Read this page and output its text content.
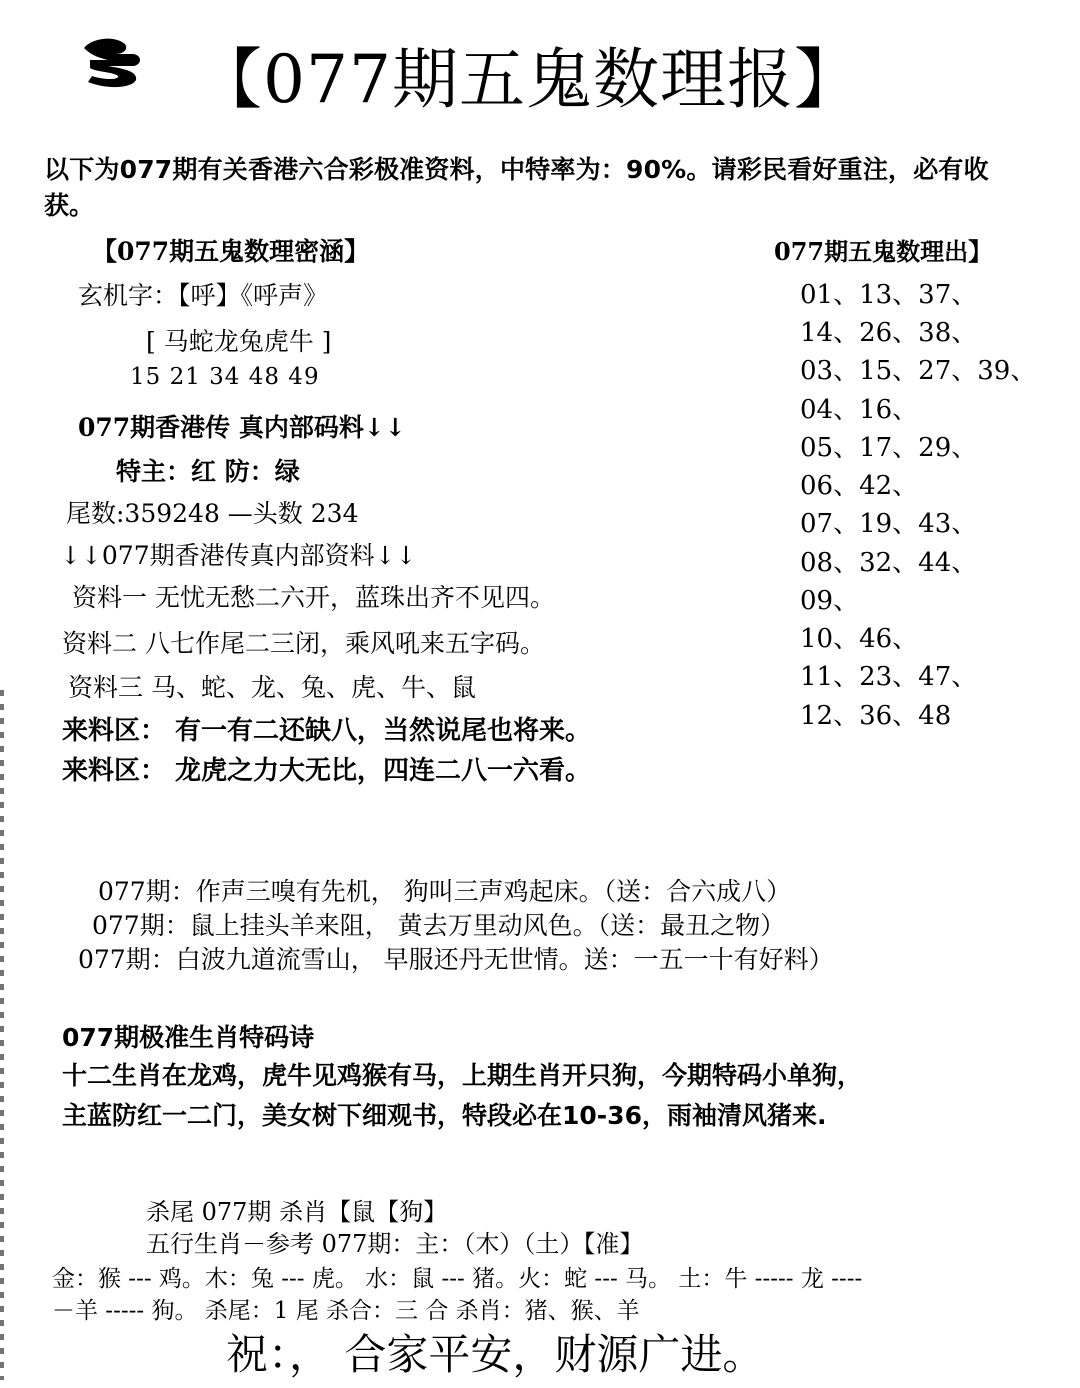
【077期五鬼数理报】
以下为077期有关香港六合彩极准资料，中特率为：90%。请彩民看好重注，必有收
获。
【077期五鬼数理密涵】
玄机字：【呼】《呼声》
[ 马蛇龙兔虎牛 ]
15 21 34 48 49
077期香港传 真内部码料↓↓
特主：红 防：绿
尾数:359248 —头数 234
↓↓077期香港传真内部资料↓↓
资料一 无忧无愁二六开，蓝珠出齐不见四。
资料二 八七作尾二三闭，乘风吼来五字码。
资料三 马、蛇、龙、兔、虎、牛、鼠
来料区： 有一有二还缺八，当然说尾也将来。
来料区： 龙虎之力大无比，四连二八一六看。
077期五鬼数理出】
01、13、37、
14、26、38、
03、15、27、39、
04、16、
05、17、29、
06、42、
07、19、43、
08、32、44、
09、
10、46、
11、23、47、
12、36、48
077期：作声三嗅有先机， 狗叫三声鸡起床。（送：合六成八）
077期：鼠上挂头羊来阻， 黄去万里动风色。（送：最丑之物）
077期：白波九道流雪山， 早服还丹无世情。送：一五一十有好料）
077期极准生肖特码诗
十二生肖在龙鸡，虎牛见鸡猴有马，上期生肖开只狗，今期特码小单狗，
主蓝防红一二门，美女树下细观书，特段必在10-36，雨袖清风猪来.
杀尾 077期 杀肖【鼠【狗】
五行生肖－参考 077期：主：（木）（土）【准】
金：猴 --- 鸡。木：兔 --- 虎。 水：鼠 --- 猪。火：蛇 --- 马。 土：牛 ----- 龙 ----
－羊 ----- 狗。 杀尾：1 尾 杀合：三 合 杀肖：猪、猴、羊
祝：， 合家平安，财源广进。
